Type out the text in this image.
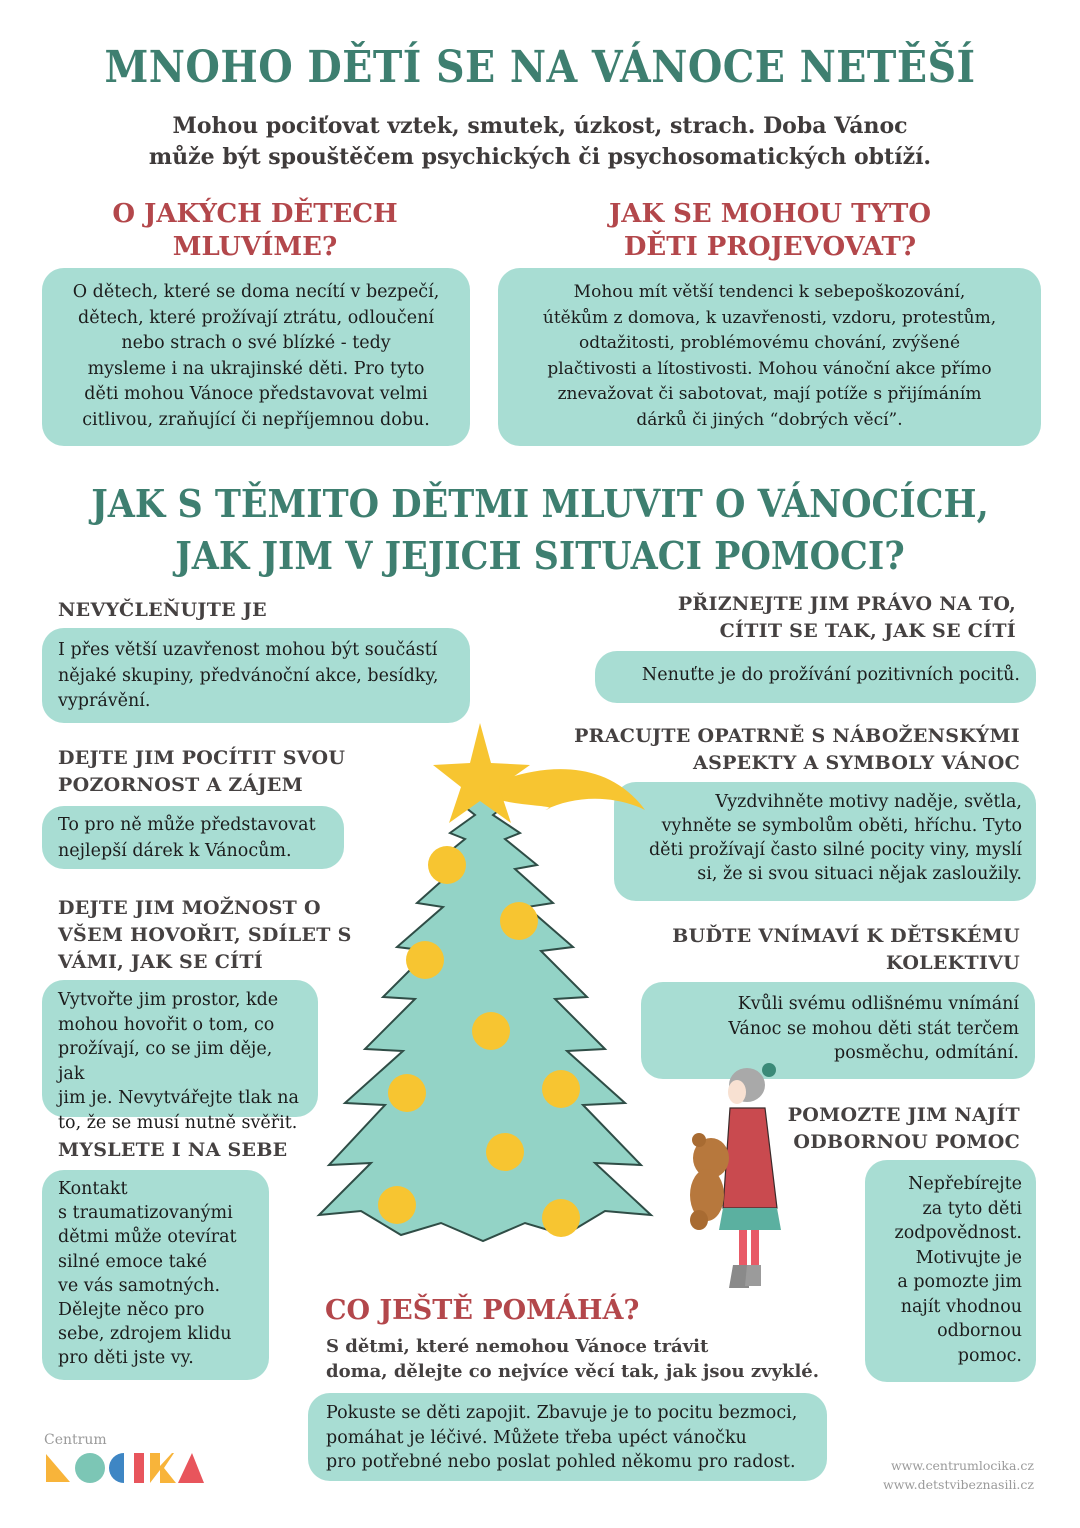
MNOHO DĚTÍ SE NA VÁNOCE NETĚŠÍ
Mohou pociťovat vztek, smutek, úzkost, strach. Doba Vánoc
může být spouštěčem psychických či psychosomatických obtíží.
O JAKÝCH DĚTECH
MLUVÍME?
O dětech, které se doma necítí v bezpečí,
dětech, které prožívají ztrátu, odloučení
nebo strach o své blízké - tedy
mysleme i na ukrajinské děti. Pro tyto
děti mohou Vánoce představovat velmi
citlivou, zraňující či nepříjemnou dobu.
JAK SE MOHOU TYTO
DĚTI PROJEVOVAT?
Mohou mít větší tendenci k sebepoškozování,
útěkům z domova, k uzavřenosti, vzdoru, protestům,
odtažitosti, problémovému chování, zvýšené
plačtivosti a lítostivosti. Mohou vánoční akce přímo
znevažovat či sabotovat, mají potíže s přijímáním
dárků či jiných “dobrých věcí”.
JAK S TĚMITO DĚTMI MLUVIT O VÁNOCÍCH,
JAK JIM V JEJICH SITUACI POMOCI?
NEVYČLEŇUJTE JE
I přes větší uzavřenost mohou být součástí
nějaké skupiny, předvánoční akce, besídky,
vyprávění.
DEJTE JIM POCÍTIT SVOU
POZORNOST A ZÁJEM
To pro ně může představovat
nejlepší dárek k Vánocům.
DEJTE JIM MOŽNOST O
VŠEM HOVOŘIT, SDÍLET S
VÁMI, JAK SE CÍTÍ
Vytvořte jim prostor, kde
mohou hovořit o tom, co
prožívají, co se jim děje, jak
jim je. Nevytvářejte tlak na
to, že se musí nutně svěřit.
MYSLETE I NA SEBE
Kontakt
s traumatizovanými
dětmi může otevírat
silné emoce také
ve vás samotných.
Dělejte něco pro
sebe, zdrojem klidu
pro děti jste vy.
PŘIZNEJTE JIM PRÁVO NA TO,
CÍTIT SE TAK, JAK SE CÍTÍ
Nenuťte je do prožívání pozitivních pocitů.
PRACUJTE OPATRNĚ S NÁBOŽENSKÝMI
ASPEKTY A SYMBOLY VÁNOC
Vyzdvihněte motivy naděje, světla,
vyhněte se symbolům oběti, hříchu. Tyto
děti prožívají často silné pocity viny, myslí
si, že si svou situaci nějak zasloužily.
BUĎTE VNÍMAVÍ K DĚTSKÉMU
KOLEKTIVU
Kvůli svému odlišnému vnímání
Vánoc se mohou děti stát terčem
posměchu, odmítání.
POMOZTE JIM NAJÍT
ODBORNOU POMOC
Nepřebírejte
za tyto děti
zodpovědnost.
Motivujte je
a pomozte jim
najít vhodnou
odbornou
pomoc.
CO JEŠTĚ POMÁHÁ?
S dětmi, které nemohou Vánoce trávit
doma, dělejte co nejvíce věcí tak, jak jsou zvyklé.
Pokuste se děti zapojit. Zbavuje je to pocitu bezmoci,
pomáhat je léčivé. Můžete třeba upéct vánočku
pro potřebné nebo poslat pohled někomu pro radost.
Centrum
www.centrumlocika.cz
www.detstvibeznasili.cz
